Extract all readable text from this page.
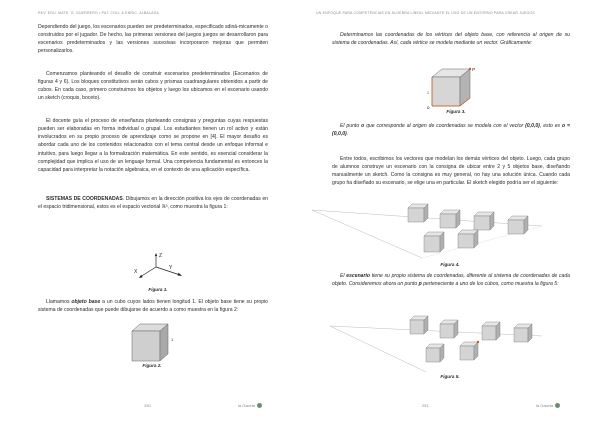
REV. EDU. MATE. G. GUERRERO • PAT. COLL & ENRIC. ALBALAGA

Dependiendo del juego, los escenarios pueden ser predeterminados, especificado sdiná-micamente o construidos por el jugador. De hecho, las primeras versiones del juegos juegos se desarrollaron para escenarios predeterminados y las versiones sucesivas incorporaron mejoras que permiten personalizarlos.

Comenzamos planteando el desafío de construir escenarios predeterminados (Escenarios de figuras 4 y 6). Los bloques constitutivos serán cubos y prismas cuadrangulares obtenidos a partir de cubos. En cada caso, primero construimos los objetos y luego los ubicamos en el escenario usando un sketch (croquis, boceto).

El docente guía el proceso de enseñanza planteando consignas y preguntas cuyas respuestas pueden ser elaboradas en forma individual o grupal. Los estudiantes tienen un rol activo y están involucrados en su propio proceso de aprendizaje como se propone en [4]. El mayor desafío es abordar cada uno de los contenidos relacionados con el tema central desde un enfoque informal e intuitivo, para luego llegar a la formalización matemática. En este sentido, es esencial considerar la complejidad que implica el uso de un lenguaje formal. Una competencia fundamental es entonces la capacidad para interpretar la notación algebraica, en el contexto de una aplicación específica.

SISTEMAS DE COORDENADAS. Dibujamos en la dirección positiva los ejes de coordenadas en el espacio tridimensional, estos es el espacio vectorial ℝ³, como muestra la figura 1:

Z
X
Y

Figura 1.

Llamamos objeto base a un cubo cuyos lados tienen longitud 1. El objeto base tiene su propio sistema de coordenadas que puede dibujarse de acuerdo a como muestra en la figura 2:

1

Figura 2.

250	la Gaceta
UN ENFOQUE PARA COMPETENCIAS EN ÁLGEBRA LINEAL MEDIANTE EL USO DE UN ENTORNO PARA CREAR JUEGOS

Determinamos las coordenadas de los vértices del objeto base, con referencia al origen de su sistema de coordenadas. Así, cada vértice se modela mediante un vector. Gráficamente:

P
o
1

Figura 3.

El punto o que corresponde al origen de coordenadas se modela con el vector (0,0,0), esto es o = (0,0,0).

Entre todos, escribimos los vectores que modelan los demás vértices del objeto. Luego, cada grupo de alumnos construye un escenario con la consigna de ubicar entre 2 y 5 objetos base, diseñando manualmente un sketch. Como la consigna es muy general, no hay una solución única. Cuando cada grupo ha diseñado su escenario, se elige una en particular. El sketch elegido podría ser el siguiente:

Figura 4.

El escenario tiene su propio sistema de coordenadas, diferente al sistema de coordenadas de cada objeto. Consideremos ahora un punto p perteneciente a uno de los cubos, como muestra la figura 5:

Figura 5.

251	la Gaceta
